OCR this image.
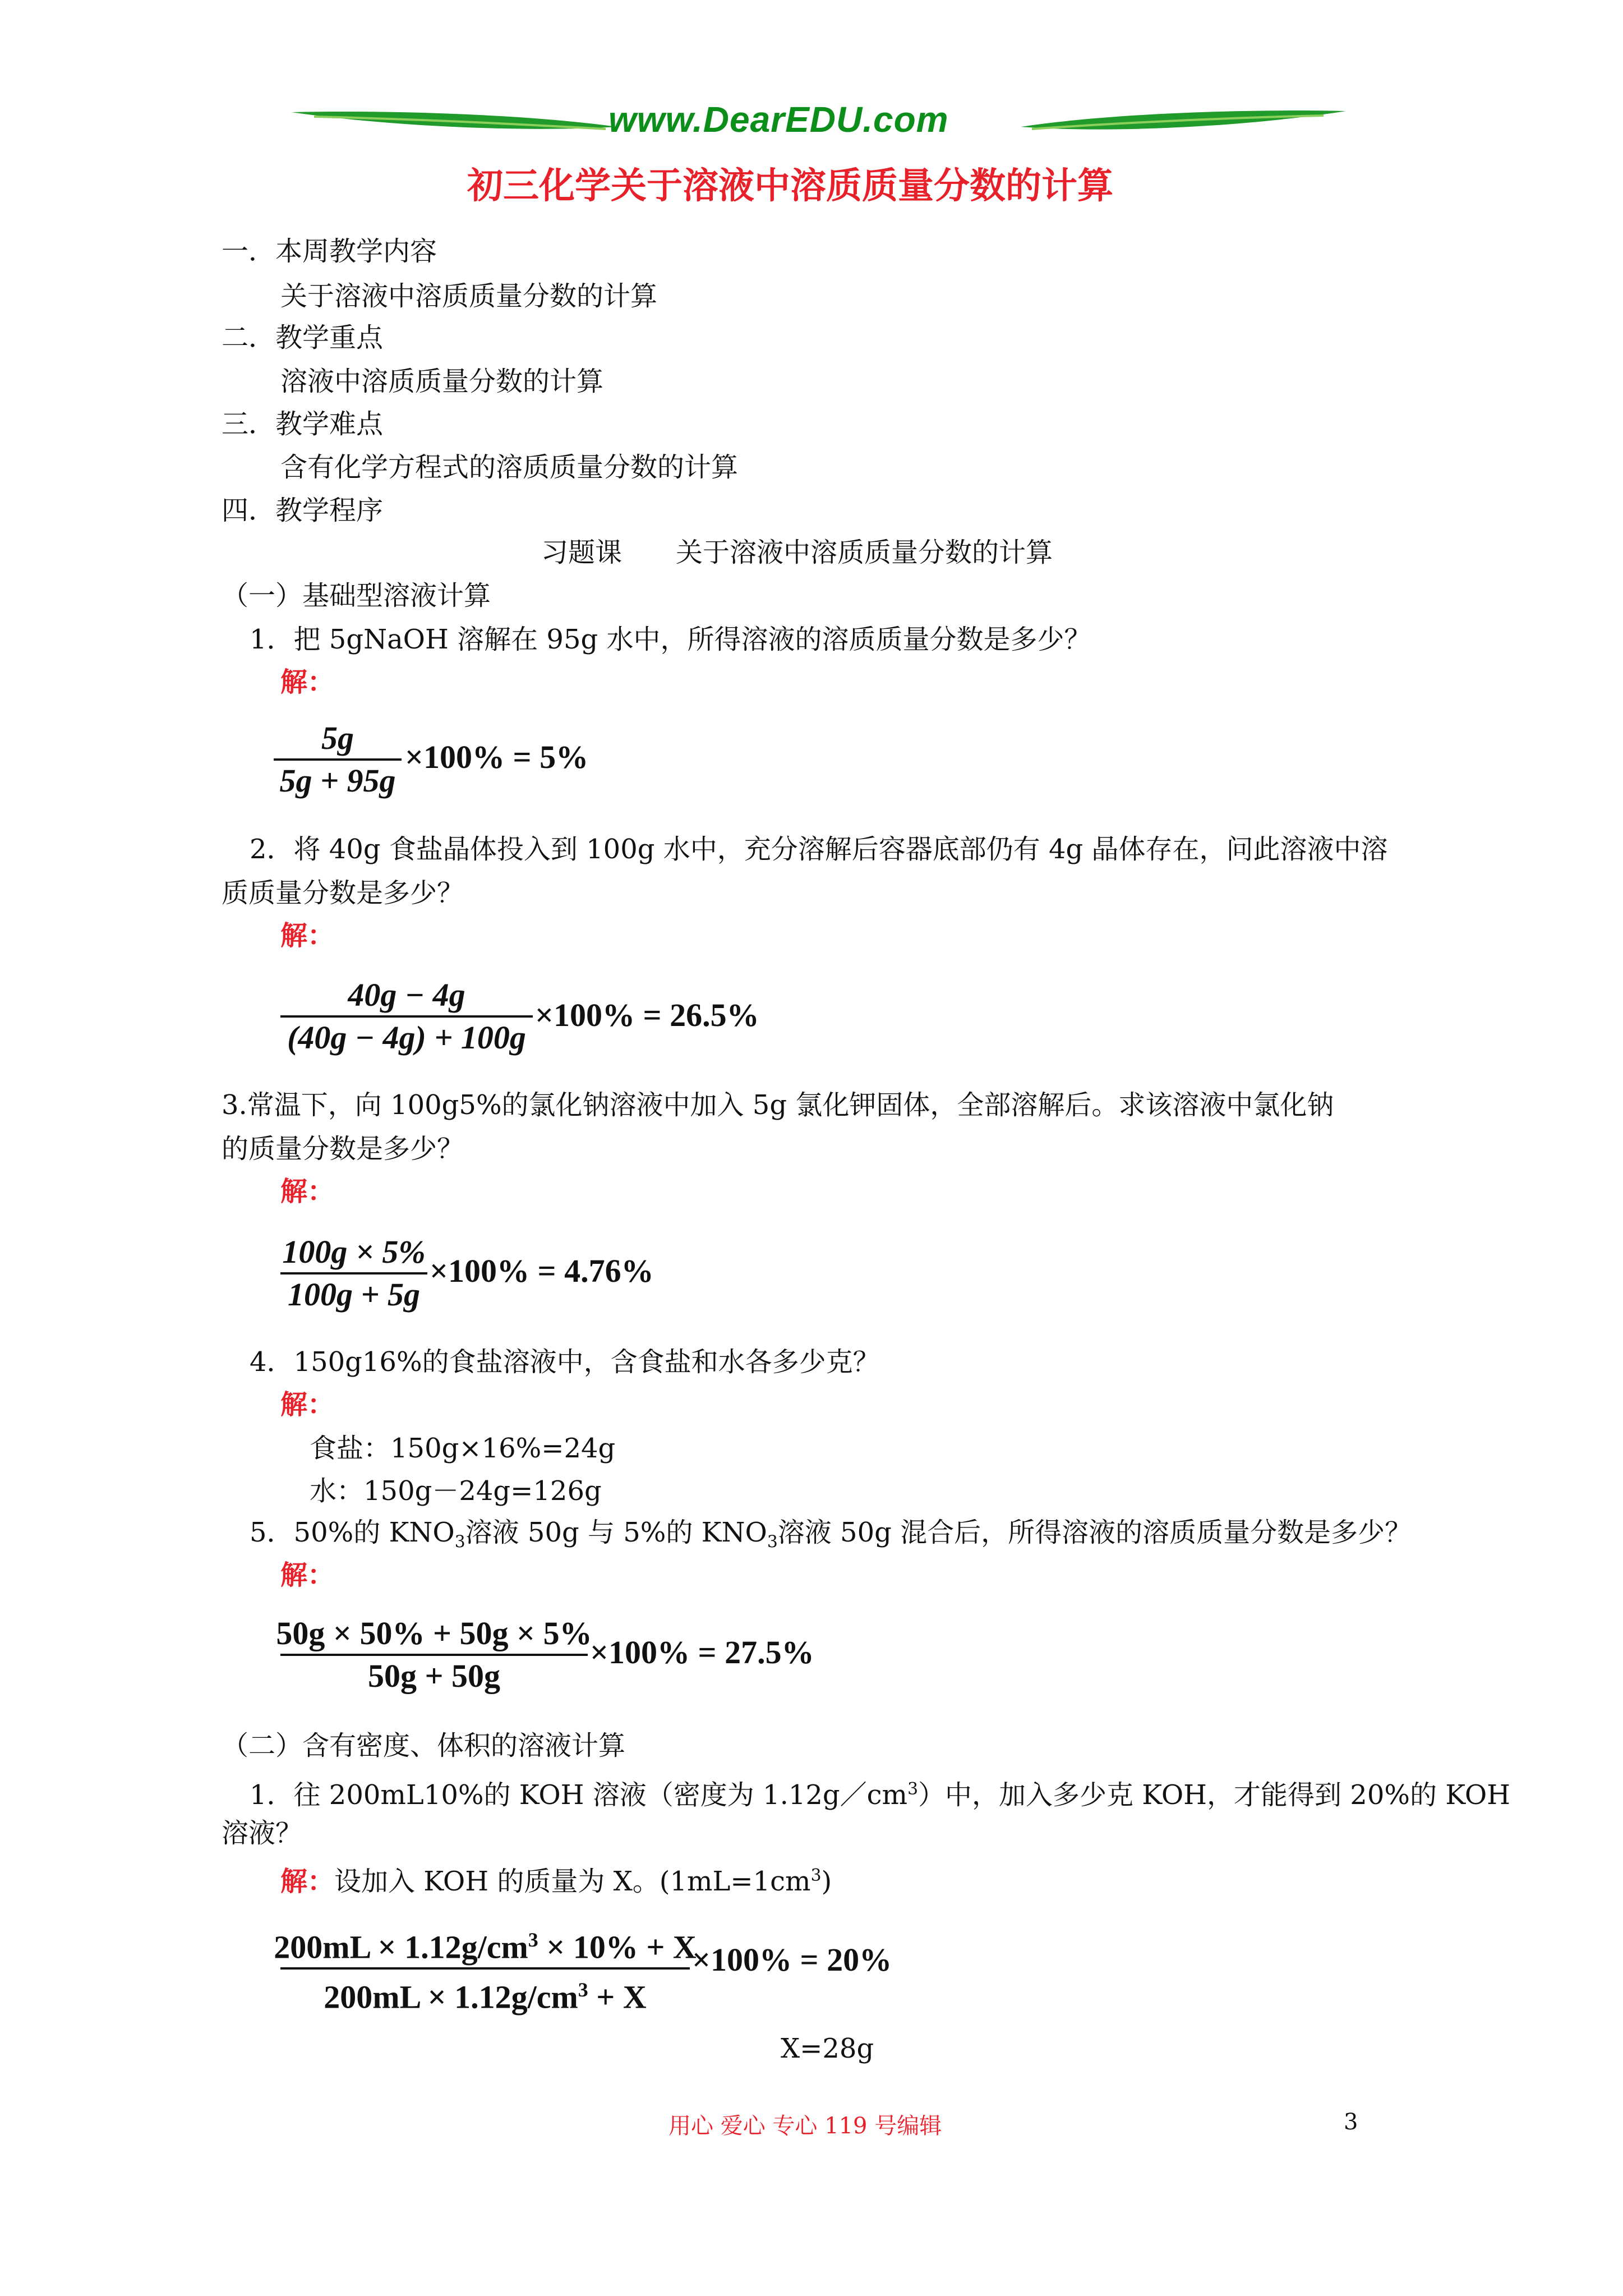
www.DearEDU.com
初三化学关于溶液中溶质质量分数的计算
一．本周教学内容
关于溶液中溶质质量分数的计算
二．教学重点
溶液中溶质质量分数的计算
三．教学难点
含有化学方程式的溶质质量分数的计算
四．教学程序
习题课　　关于溶液中溶质质量分数的计算
（一）基础型溶液计算
1．把 5gNaOH 溶解在 95g 水中，所得溶液的溶质质量分数是多少？
解：
5g
5g + 95g
×100% = 5%
2．将 40g 食盐晶体投入到 100g 水中，充分溶解后容器底部仍有 4g 晶体存在，问此溶液中溶
质质量分数是多少？
解：
40g − 4g
(40g − 4g) + 100g
×100% = 26.5%
3.常温下，向 100g5%的氯化钠溶液中加入 5g 氯化钾固体，全部溶解后。求该溶液中氯化钠
的质量分数是多少？
解：
100g × 5%
100g + 5g
×100% = 4.76%
4．150g16%的食盐溶液中，含食盐和水各多少克？
解：
食盐：150g×16%=24g
水：150g－24g=126g
5．50%的 $KNO_3$溶液 50g 与 5%的 $KNO_3$溶液 50g 混合后，所得溶液的溶质质量分数是多少？
解：
50g × 50% + 50g × 5%
50g + 50g
×100% = 27.5%
（二）含有密度、体积的溶液计算
1．往 200mL10%的 KOH 溶液（密度为 $1.12g/cm^3$）中，加入多少克 KOH，才能得到 20%的 KOH
溶液？
解：设加入 KOH 的质量为 X。$(1mL=1cm^3)$
$200mL \times 1.12g/cm^3 \times 10\% + X$
$200mL \times 1.12g/cm^3 + X$
×100% = 20%
X=28g
用心 爱心 专心 119 号编辑	3
